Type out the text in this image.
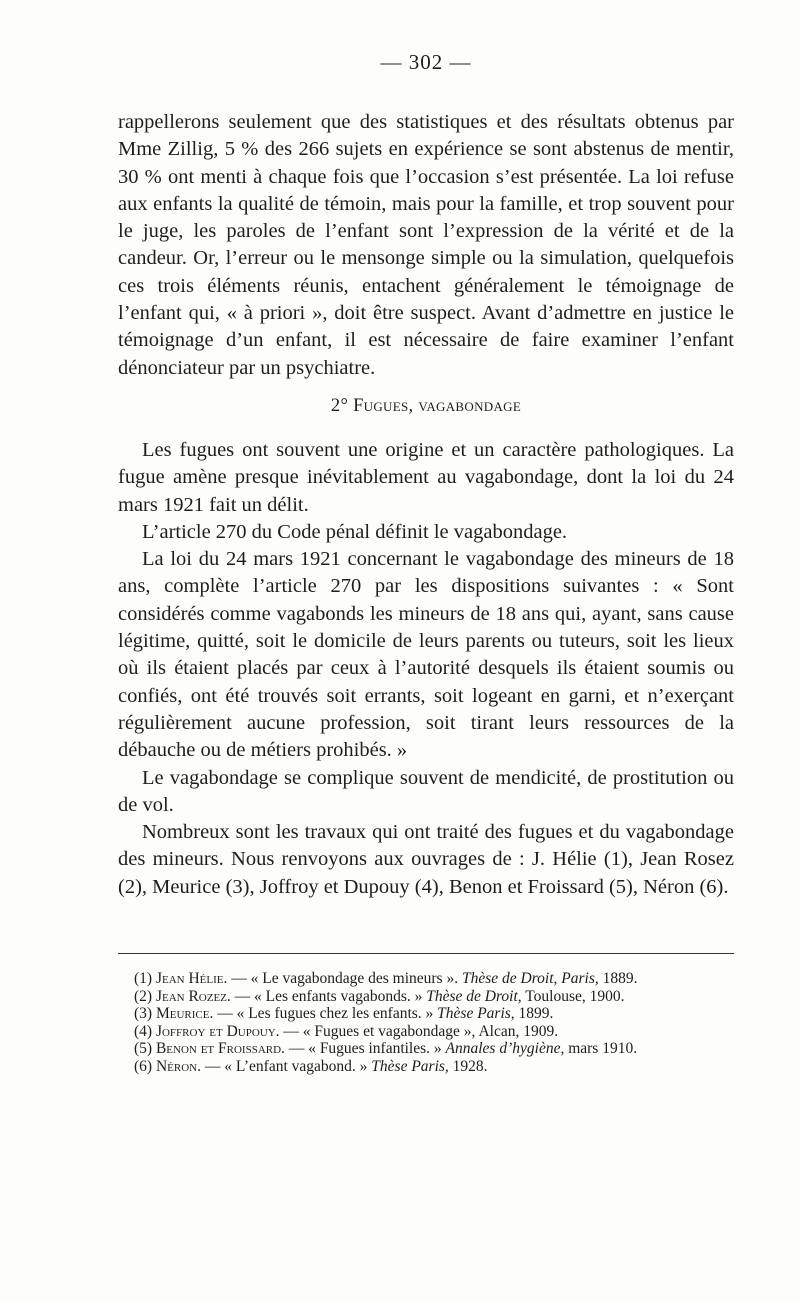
— 302 —

rappellerons seulement que des statistiques et des résultats obtenus par Mme Zillig, 5 % des 266 sujets en expérience se sont abstenus de mentir, 30 % ont menti à chaque fois que l’occasion s’est présentée. La loi refuse aux enfants la qualité de témoin, mais pour la famille, et trop souvent pour le juge, les paroles de l’enfant sont l’expression de la vérité et de la candeur. Or, l’erreur ou le mensonge simple ou la simulation, quelquefois ces trois éléments réunis, entachent généralement le témoignage de l’enfant qui, « à priori », doit être suspect. Avant d’admettre en justice le témoignage d’un enfant, il est nécessaire de faire examiner l’enfant dénonciateur par un psychiatre.

2° Fugues, vagabondage

Les fugues ont souvent une origine et un caractère pathologiques. La fugue amène presque inévitablement au vagabondage, dont la loi du 24 mars 1921 fait un délit.

L’article 270 du Code pénal définit le vagabondage.

La loi du 24 mars 1921 concernant le vagabondage des mineurs de 18 ans, complète l’article 270 par les dispositions suivantes : « Sont considérés comme vagabonds les mineurs de 18 ans qui, ayant, sans cause légitime, quitté, soit le domicile de leurs parents ou tuteurs, soit les lieux où ils étaient placés par ceux à l’autorité desquels ils étaient soumis ou confiés, ont été trouvés soit errants, soit logeant en garni, et n’exerçant régulièrement aucune profession, soit tirant leurs ressources de la débauche ou de métiers prohibés. »

Le vagabondage se complique souvent de mendicité, de prostitution ou de vol.

Nombreux sont les travaux qui ont traité des fugues et du vagabondage des mineurs. Nous renvoyons aux ouvrages de : J. Hélie (1), Jean Rosez (2), Meurice (3), Joffroy et Dupouy (4), Benon et Froissard (5), Néron (6).

(1) Jean Hélie. — « Le vagabondage des mineurs ». Thèse de Droit, Paris, 1889.

(2) Jean Rozez. — « Les enfants vagabonds. » Thèse de Droit, Toulouse, 1900.

(3) Meurice. — « Les fugues chez les enfants. » Thèse Paris, 1899.

(4) Joffroy et Dupouy. — « Fugues et vagabondage », Alcan, 1909.

(5) Benon et Froissard. — « Fugues infantiles. » Annales d’hygiène, mars 1910.

(6) Néron. — « L’enfant vagabond. » Thèse Paris, 1928.
